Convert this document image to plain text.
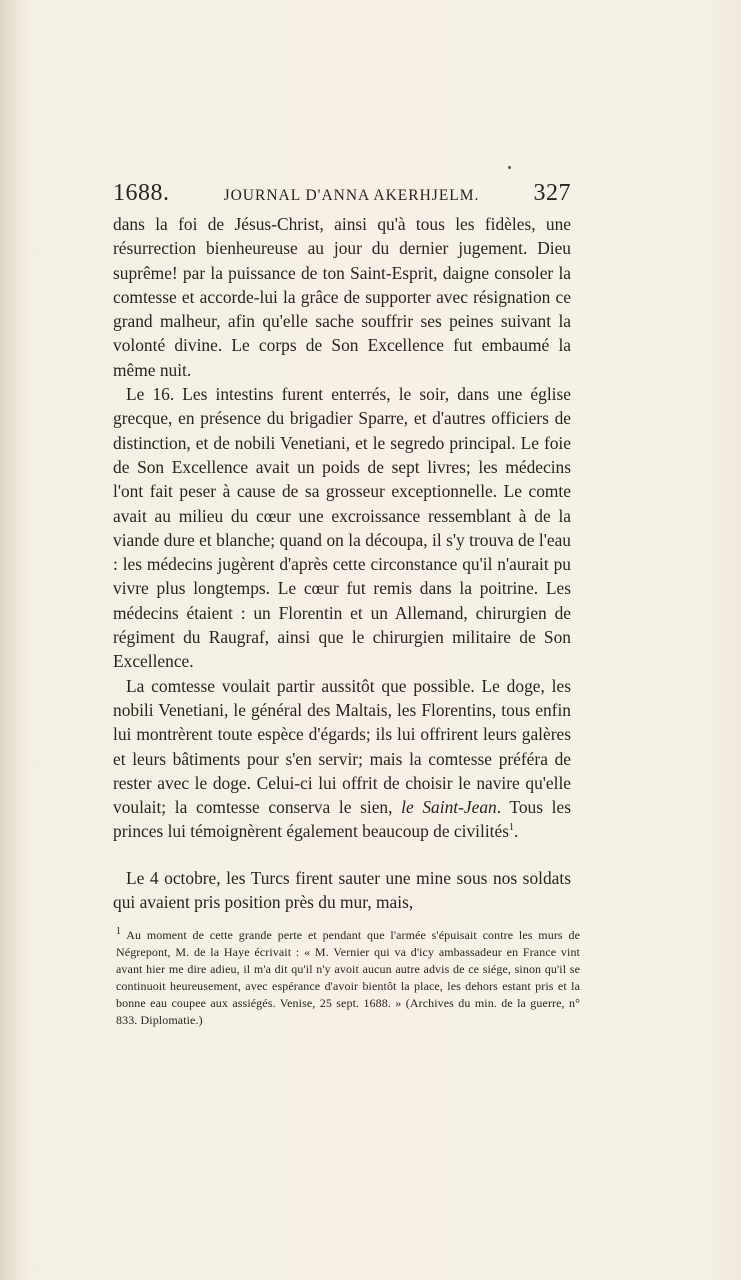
1688.	JOURNAL D'ANNA AKERHJELM. 327

dans la foi de Jésus-Christ, ainsi qu'à tous les fidèles, une résurrection bienheureuse au jour du dernier jugement. Dieu suprême! par la puissance de ton Saint-Esprit, daigne consoler la comtesse et accorde-lui la grâce de supporter avec résignation ce grand malheur, afin qu'elle sache souffrir ses peines suivant la volonté divine. Le corps de Son Excellence fut embaumé la même nuit.

Le 16. Les intestins furent enterrés, le soir, dans une église grecque, en présence du brigadier Sparre, et d'autres officiers de distinction, et de nobili Venetiani, et le segredo principal. Le foie de Son Excellence avait un poids de sept livres; les médecins l'ont fait peser à cause de sa grosseur exceptionnelle. Le comte avait au milieu du cœur une excroissance ressemblant à de la viande dure et blanche; quand on la découpa, il s'y trouva de l'eau : les médecins jugèrent d'après cette circonstance qu'il n'aurait pu vivre plus longtemps. Le cœur fut remis dans la poitrine. Les médecins étaient : un Florentin et un Allemand, chirurgien de régiment du Raugraf, ainsi que le chirurgien militaire de Son Excellence.

La comtesse voulait partir aussitôt que possible. Le doge, les nobili Venetiani, le général des Maltais, les Florentins, tous enfin lui montrèrent toute espèce d'égards; ils lui offrirent leurs galères et leurs bâtiments pour s'en servir; mais la comtesse préféra de rester avec le doge. Celui-ci lui offrit de choisir le navire qu'elle voulait; la comtesse conserva le sien, le Saint-Jean. Tous les princes lui témoignèrent également beaucoup de civilités$^1$.

Le 4 octobre, les Turcs firent sauter une mine sous nos soldats qui avaient pris position près du mur, mais,

$^1$ Au moment de cette grande perte et pendant que l'armée s'épuisait contre les murs de Négrepont, M. de la Haye écrivait : « M. Vernier qui va d'icy ambassadeur en France vint avant hier me dire adieu, il m'a dit qu'il n'y avoit aucun autre advis de ce siége, sinon qu'il se continuoit heureusement, avec espérance d'avoir bientôt la place, les dehors estant pris et la bonne eau coupee aux assiégés. Venise, 25 sept. 1688. » (Archives du min. de la guerre, n° 833. Diplomatie.)
